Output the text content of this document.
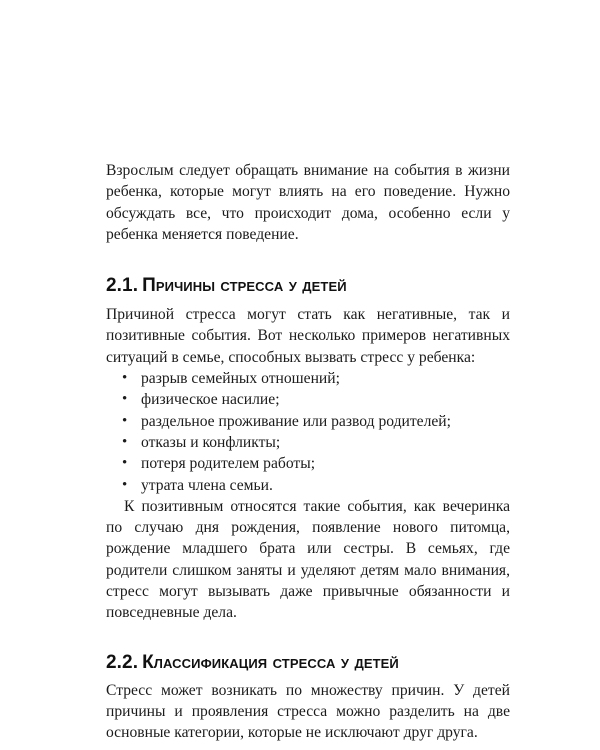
Взрослым следует обращать внимание на события в жизни ребенка, которые могут влиять на его поведение. Нужно обсуждать все, что происходит дома, особенно если у ребенка меняется поведение.

2.1. Причины стресса у детей

Причиной стресса могут стать как негативные, так и позитивные события. Вот несколько примеров негативных ситуаций в семье, способных вызвать стресс у ребенка:

• разрыв семейных отношений;
• физическое насилие;
• раздельное проживание или развод родителей;
• отказы и конфликты;
• потеря родителем работы;
• утрата члена семьи.

К позитивным относятся такие события, как вечеринка по случаю дня рождения, появление нового питомца, рождение младшего брата или сестры. В семьях, где родители слишком заняты и уделяют детям мало внимания, стресс могут вызывать даже привычные обязанности и повседневные дела.

2.2. Классификация стресса у детей

Стресс может возникать по множеству причин. У детей причины и проявления стресса можно разделить на две основные категории, которые не исключают друг друга.
